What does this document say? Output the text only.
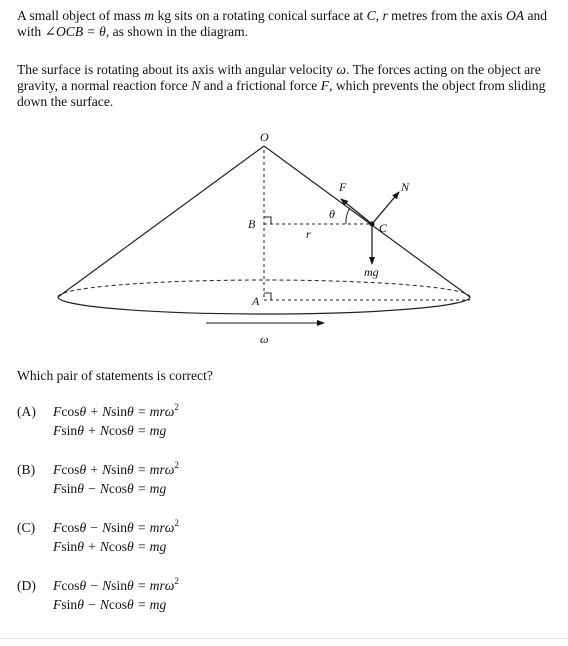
A small object of mass m kg sits on a rotating conical surface at C, r metres from the axis OA and with ∠OCB = θ, as shown in the diagram.

The surface is rotating about its axis with angular velocity ω. The forces acting on the object are gravity, a normal reaction force N and a frictional force F, which prevents the object from sliding down the surface.

O
F	N
θ
B
r	C
mg
A
ω

Which pair of statements is correct?

(A)	Fcosθ + Nsinθ = mrω$^2$
Fsinθ + Ncosθ = mg
(B)	Fcosθ + Nsinθ = mrω$^2$
Fsinθ − Ncosθ = mg
(C)	Fcosθ − Nsinθ = mrω$^2$
Fsinθ + Ncosθ = mg
(D)	Fcosθ − Nsinθ = mrω$^2$
Fsinθ − Ncosθ = mg
